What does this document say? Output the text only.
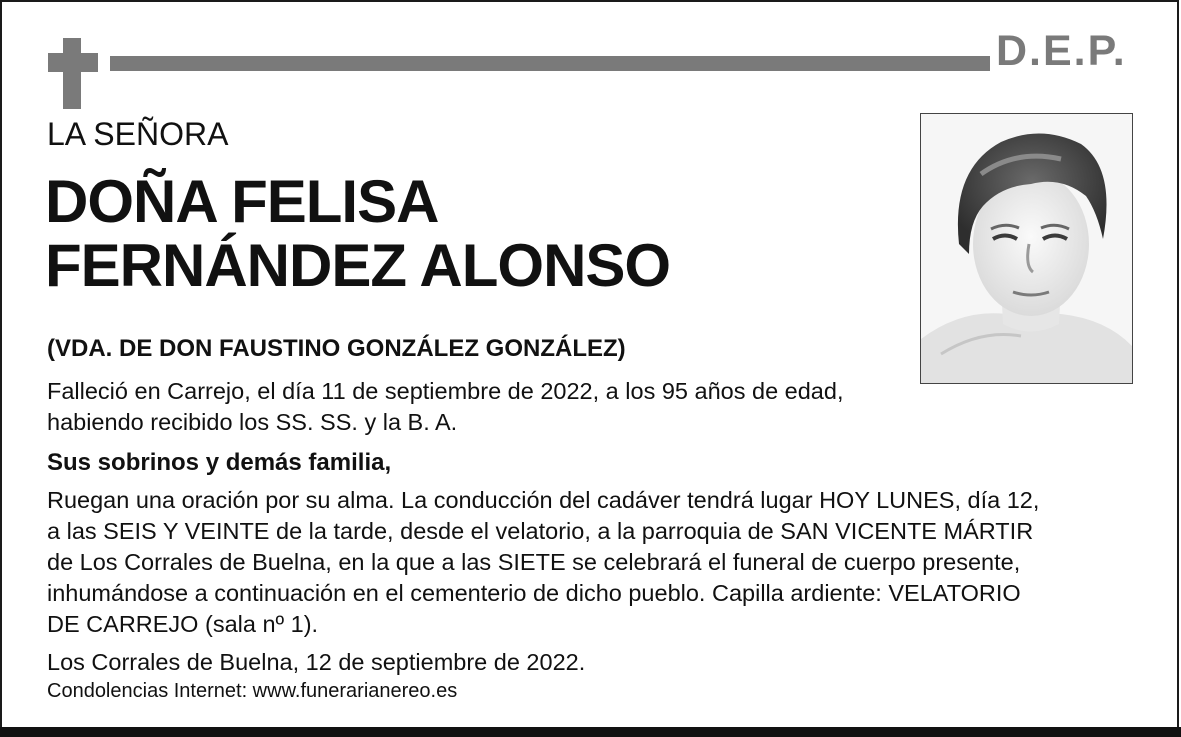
D.E.P.
LA SEÑORA
DOÑA FELISA
FERNÁNDEZ ALONSO
(VDA. DE DON FAUSTINO GONZÁLEZ GONZÁLEZ)
Falleció en Carrejo, el día 11 de septiembre de 2022, a los 95 años de edad,
habiendo recibido los SS. SS. y la B. A.
Sus sobrinos y demás familia,
Ruegan una oración por su alma. La conducción del cadáver tendrá lugar HOY LUNES, día 12,
a las SEIS Y VEINTE de la tarde, desde el velatorio, a la parroquia de SAN VICENTE MÁRTIR
de Los Corrales de Buelna, en la que a las SIETE se celebrará el funeral de cuerpo presente,
inhumándose a continuación en el cementerio de dicho pueblo. Capilla ardiente: VELATORIO
DE CARREJO (sala nº 1).
Los Corrales de Buelna, 12 de septiembre de 2022.
Condolencias Internet: www.funerarianereo.es
